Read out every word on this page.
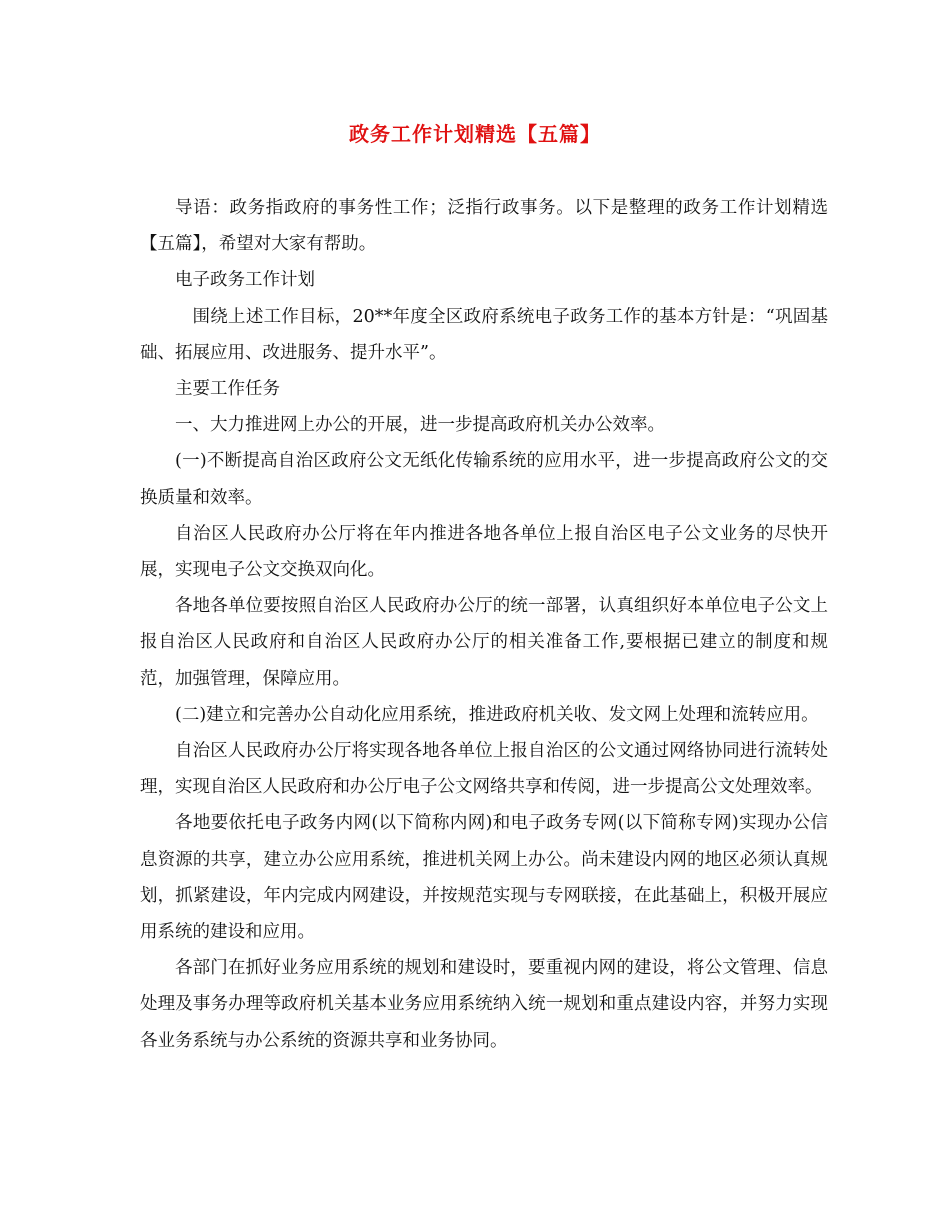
政务工作计划精选【五篇】

导语：政务指政府的事务性工作；泛指行政事务。以下是整理的政务工作计划精选【五篇】，希望对大家有帮助。

电子政务工作计划

围绕上述工作目标，20**年度全区政府系统电子政务工作的基本方针是：“巩固基础、拓展应用、改进服务、提升水平”。

主要工作任务

一、大力推进网上办公的开展，进一步提高政府机关办公效率。

(一)不断提高自治区政府公文无纸化传输系统的应用水平，进一步提高政府公文的交换质量和效率。

自治区人民政府办公厅将在年内推进各地各单位上报自治区电子公文业务的尽快开展，实现电子公文交换双向化。

各地各单位要按照自治区人民政府办公厅的统一部署，认真组织好本单位电子公文上报自治区人民政府和自治区人民政府办公厅的相关准备工作,要根据已建立的制度和规范，加强管理，保障应用。

(二)建立和完善办公自动化应用系统，推进政府机关收、发文网上处理和流转应用。

自治区人民政府办公厅将实现各地各单位上报自治区的公文通过网络协同进行流转处理，实现自治区人民政府和办公厅电子公文网络共享和传阅，进一步提高公文处理效率。

各地要依托电子政务内网(以下简称内网)和电子政务专网(以下简称专网)实现办公信息资源的共享，建立办公应用系统，推进机关网上办公。尚未建设内网的地区必须认真规划，抓紧建设，年内完成内网建设，并按规范实现与专网联接，在此基础上，积极开展应用系统的建设和应用。

各部门在抓好业务应用系统的规划和建设时，要重视内网的建设，将公文管理、信息处理及事务办理等政府机关基本业务应用系统纳入统一规划和重点建设内容，并努力实现各业务系统与办公系统的资源共享和业务协同。
